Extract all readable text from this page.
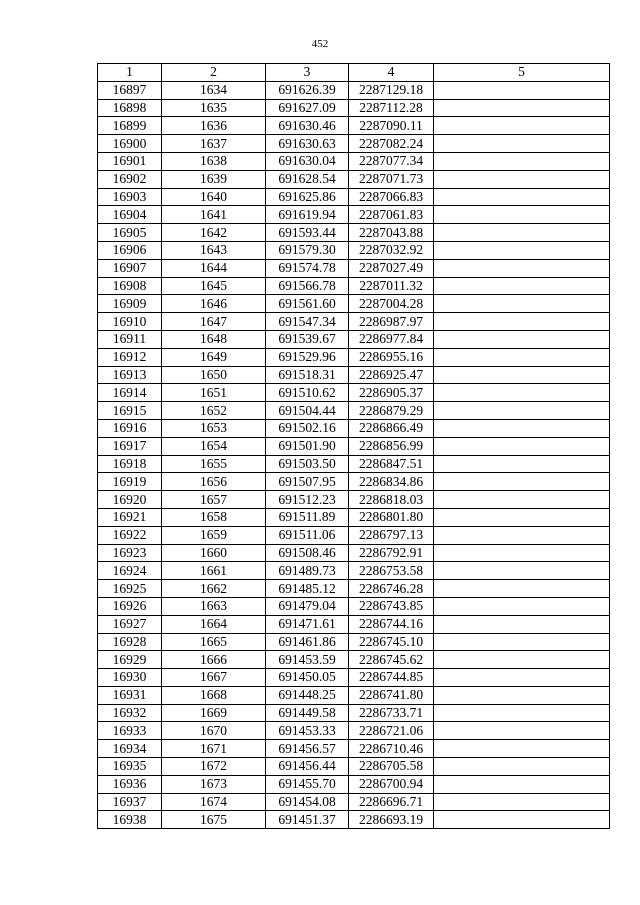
452
1	2	3	4	5
16897	1634	691626.39	2287129.18	
16898	1635	691627.09	2287112.28	
16899	1636	691630.46	2287090.11	
16900	1637	691630.63	2287082.24	
16901	1638	691630.04	2287077.34	
16902	1639	691628.54	2287071.73	
16903	1640	691625.86	2287066.83	
16904	1641	691619.94	2287061.83	
16905	1642	691593.44	2287043.88	
16906	1643	691579.30	2287032.92	
16907	1644	691574.78	2287027.49	
16908	1645	691566.78	2287011.32	
16909	1646	691561.60	2287004.28	
16910	1647	691547.34	2286987.97	
16911	1648	691539.67	2286977.84	
16912	1649	691529.96	2286955.16	
16913	1650	691518.31	2286925.47	
16914	1651	691510.62	2286905.37	
16915	1652	691504.44	2286879.29	
16916	1653	691502.16	2286866.49	
16917	1654	691501.90	2286856.99	
16918	1655	691503.50	2286847.51	
16919	1656	691507.95	2286834.86	
16920	1657	691512.23	2286818.03	
16921	1658	691511.89	2286801.80	
16922	1659	691511.06	2286797.13	
16923	1660	691508.46	2286792.91	
16924	1661	691489.73	2286753.58	
16925	1662	691485.12	2286746.28	
16926	1663	691479.04	2286743.85	
16927	1664	691471.61	2286744.16	
16928	1665	691461.86	2286745.10	
16929	1666	691453.59	2286745.62	
16930	1667	691450.05	2286744.85	
16931	1668	691448.25	2286741.80	
16932	1669	691449.58	2286733.71	
16933	1670	691453.33	2286721.06	
16934	1671	691456.57	2286710.46	
16935	1672	691456.44	2286705.58	
16936	1673	691455.70	2286700.94	
16937	1674	691454.08	2286696.71	
16938	1675	691451.37	2286693.19	
